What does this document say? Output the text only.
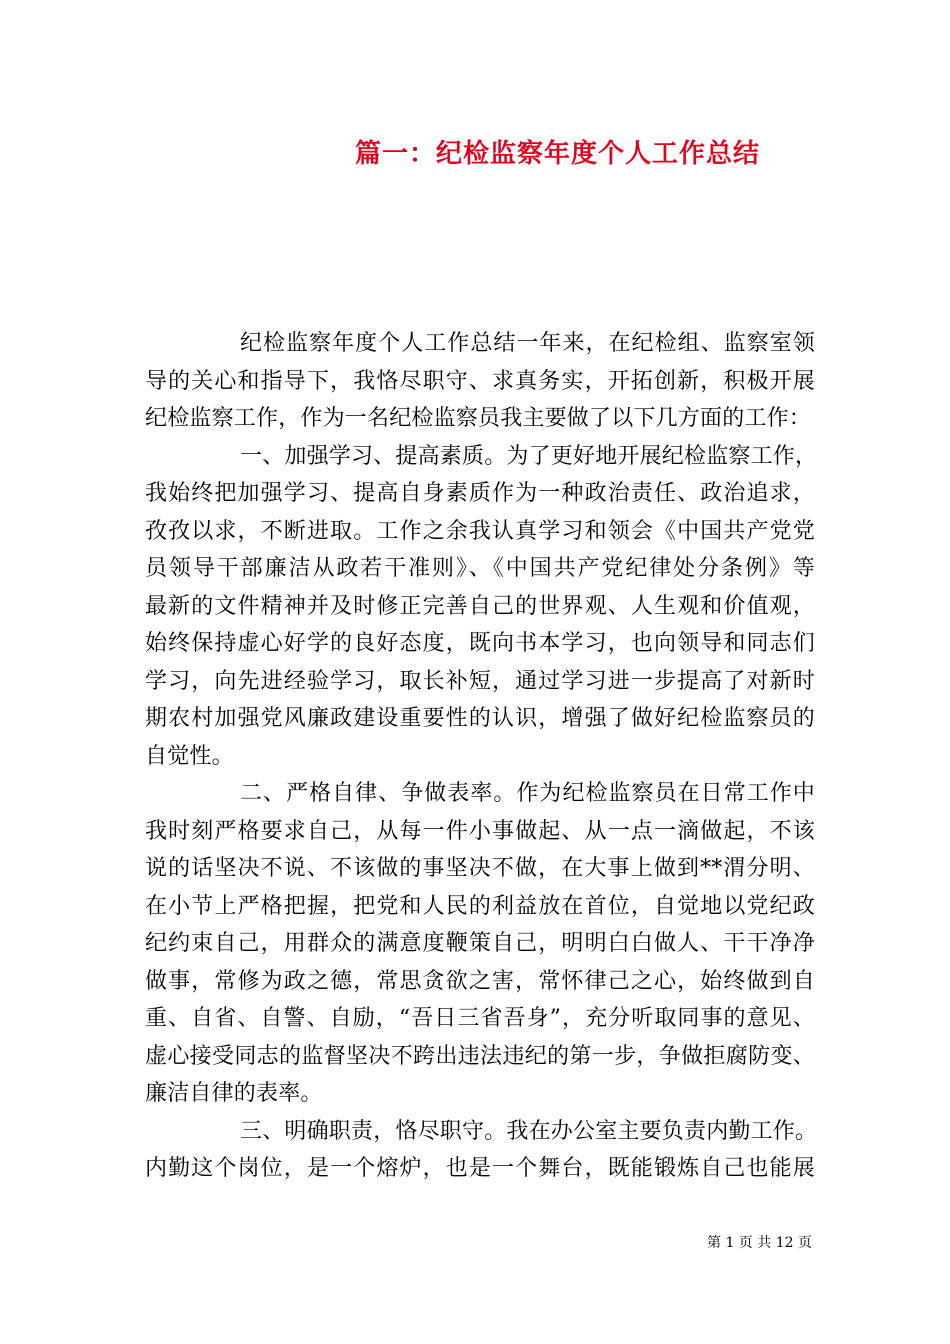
篇一：纪检监察年度个人工作总结
纪检监察年度个人工作总结一年来，在纪检组、监察室领
导的关心和指导下，我恪尽职守、求真务实，开拓创新，积极开展
纪检监察工作，作为一名纪检监察员我主要做了以下几方面的工作：
一、加强学习、提高素质。为了更好地开展纪检监察工作，
我始终把加强学习、提高自身素质作为一种政治责任、政治追求，
孜孜以求，不断进取。工作之余我认真学习和领会《中国共产党党
员领导干部廉洁从政若干准则》、《中国共产党纪律处分条例》等
最新的文件精神并及时修正完善自己的世界观、人生观和价值观，
始终保持虚心好学的良好态度，既向书本学习，也向领导和同志们
学习，向先进经验学习，取长补短，通过学习进一步提高了对新时
期农村加强党风廉政建设重要性的认识，增强了做好纪检监察员的
自觉性。
二、严格自律、争做表率。作为纪检监察员在日常工作中
我时刻严格要求自己，从每一件小事做起、从一点一滴做起，不该
说的话坚决不说、不该做的事坚决不做，在大事上做到**渭分明、
在小节上严格把握，把党和人民的利益放在首位，自觉地以党纪政
纪约束自己，用群众的满意度鞭策自己，明明白白做人、干干净净
做事，常修为政之德，常思贪欲之害，常怀律己之心，始终做到自
重、自省、自警、自励，“吾日三省吾身”，充分听取同事的意见、
虚心接受同志的监督坚决不跨出违法违纪的第一步，争做拒腐防变、
廉洁自律的表率。
三、明确职责，恪尽职守。我在办公室主要负责内勤工作。
内勤这个岗位，是一个熔炉，也是一个舞台，既能锻炼自己也能展
第 1 页 共 12 页
